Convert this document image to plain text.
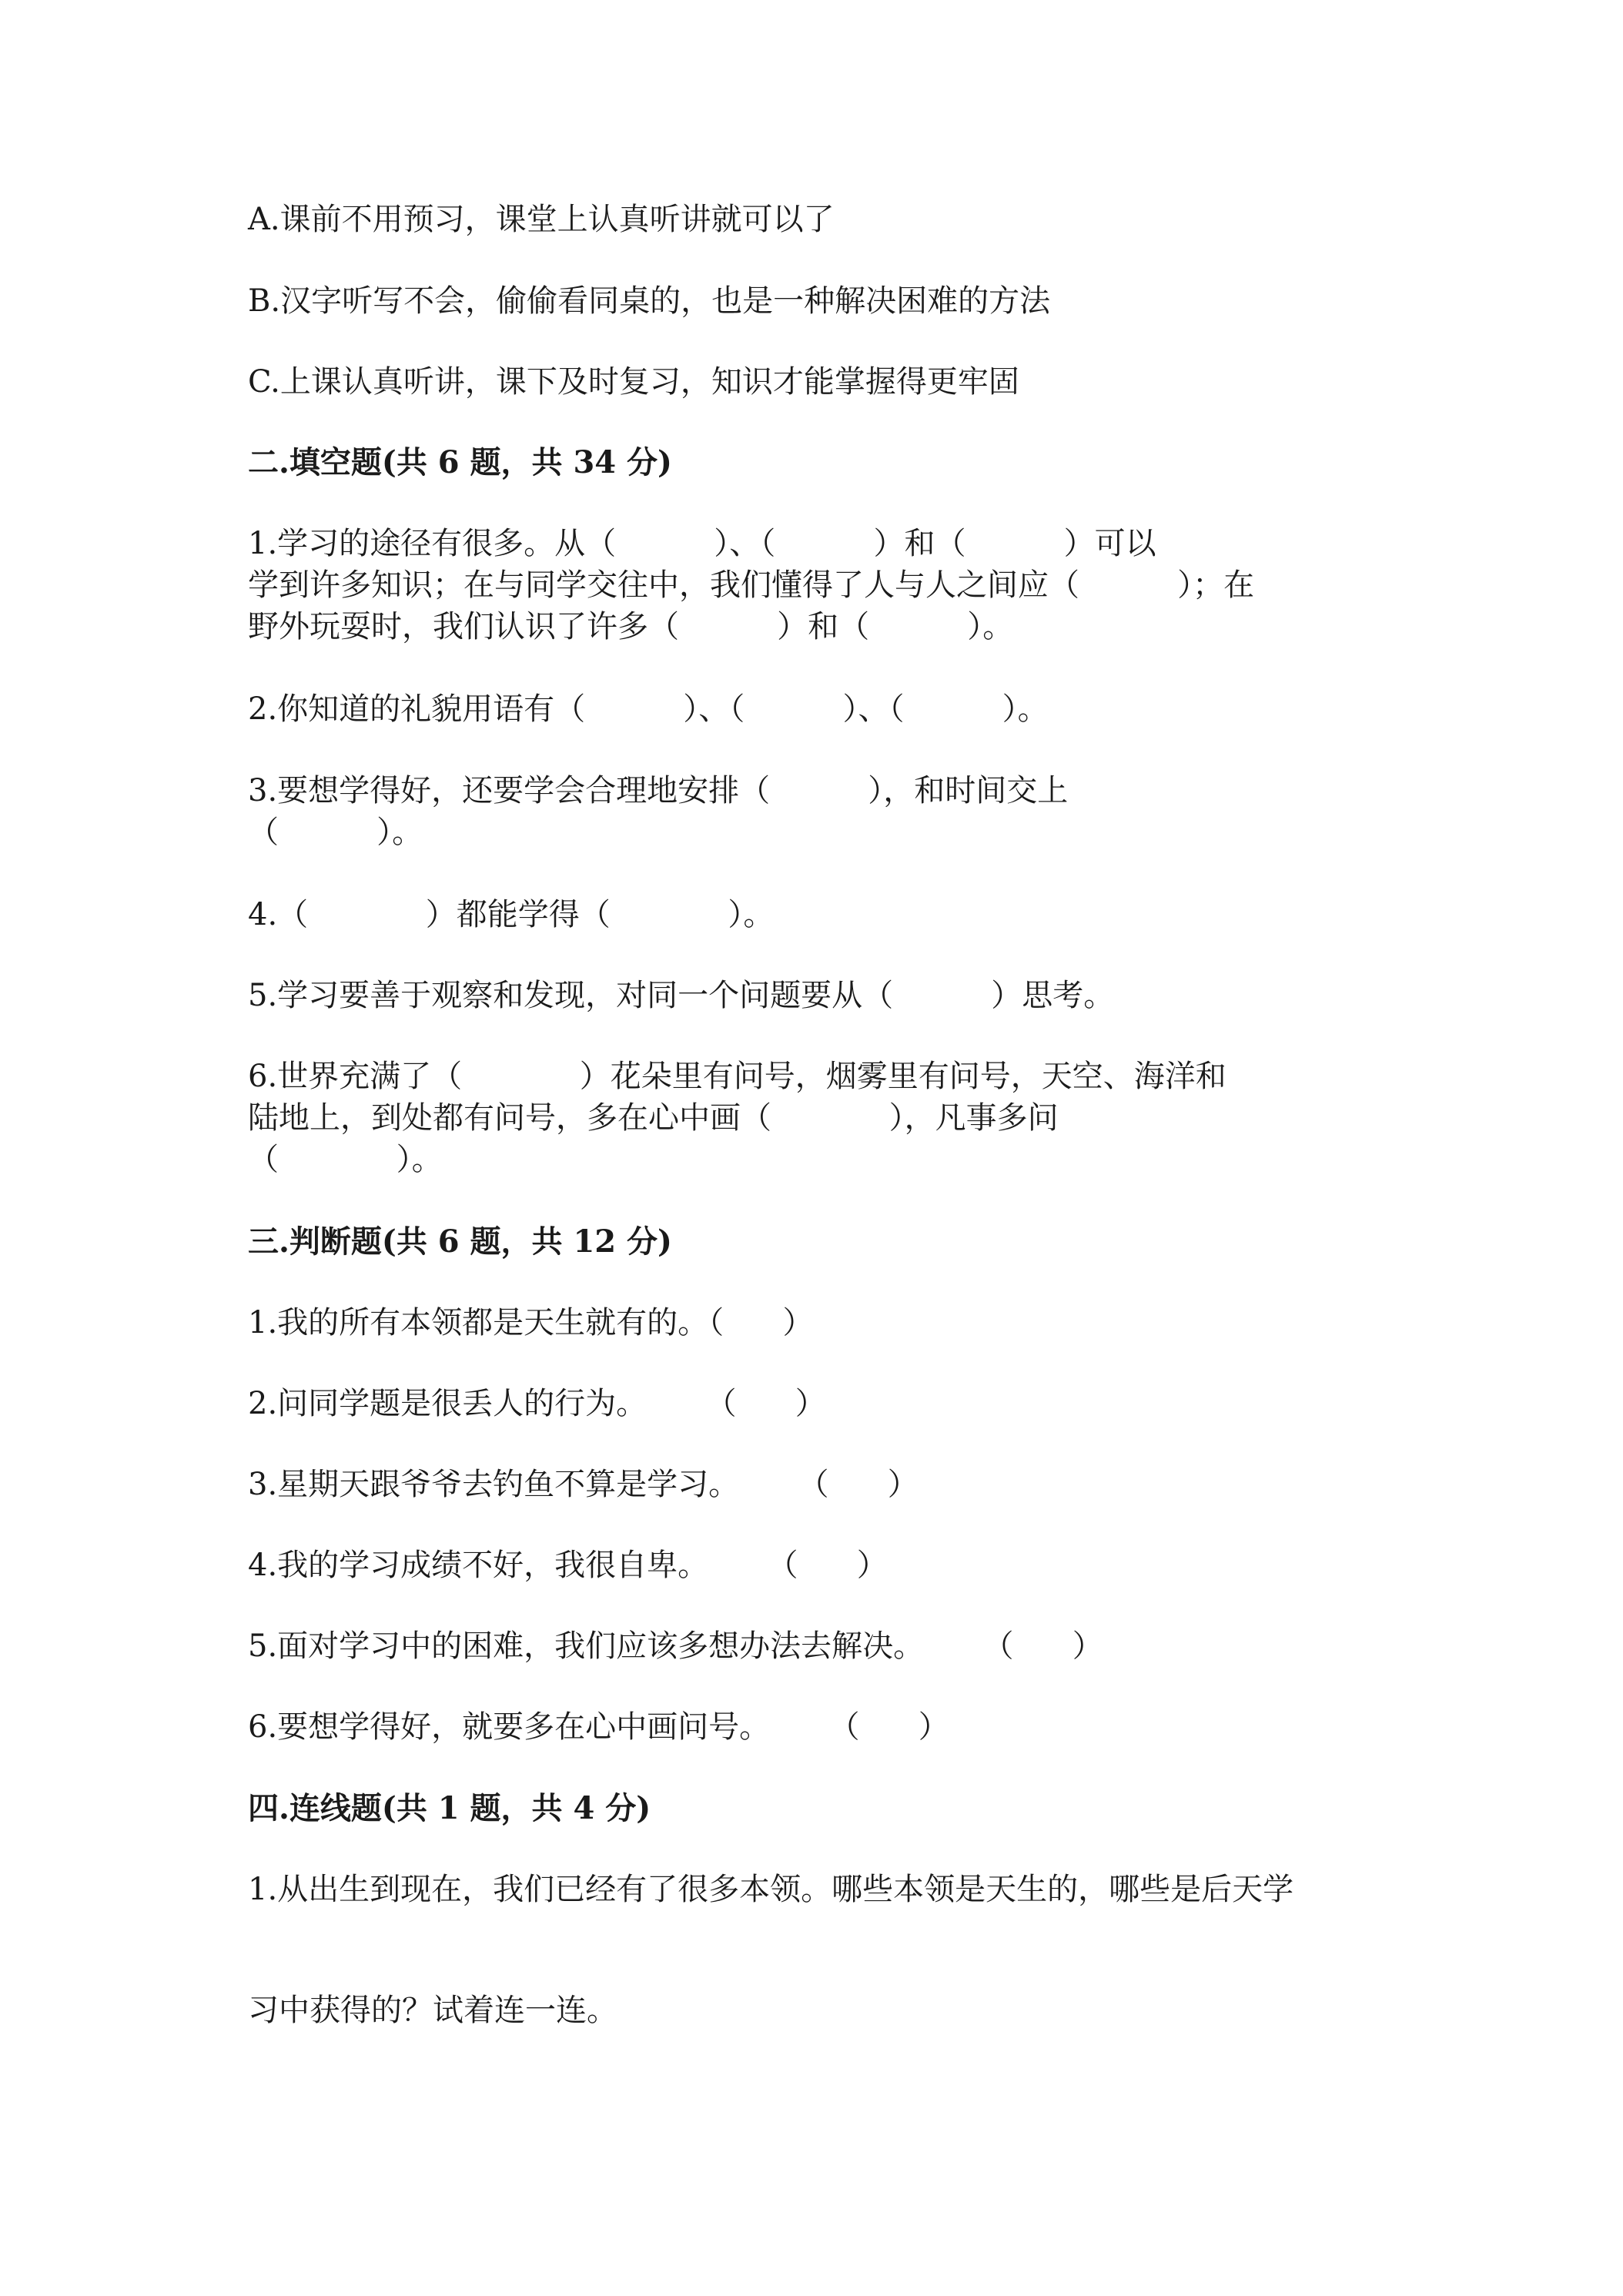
A.课前不用预习，课堂上认真听讲就可以了
B.汉字听写不会，偷偷看同桌的，也是一种解决困难的方法
C.上课认真听讲，课下及时复习，知识才能掌握得更牢固
二.填空题(共 6 题，共 34 分)
1.学习的途径有很多。从（          ）、（          ）和（          ）可以
学到许多知识；在与同学交往中，我们懂得了人与人之间应（          ）；在
野外玩耍时，我们认识了许多（          ）和（          ）。
2.你知道的礼貌用语有（          ）、（          ）、（          ）。
3.要想学得好，还要学会合理地安排（          ），和时间交上
（          ）。
4.（            ）都能学得（            ）。
5.学习要善于观察和发现，对同一个问题要从（          ）思考。
6.世界充满了（            ）花朵里有问号，烟雾里有问号，天空、海洋和
陆地上，到处都有问号，多在心中画（            ），凡事多问
（            ）。
三.判断题(共 6 题，共 12 分)
1.我的所有本领都是天生就有的。（      ）
2.问同学题是很丢人的行为。      （      ）
3.星期天跟爷爷去钓鱼不算是学习。      （      ）
4.我的学习成绩不好，我很自卑。      （      ）
5.面对学习中的困难，我们应该多想办法去解决。      （      ）
6.要想学得好，就要多在心中画问号。      （      ）
四.连线题(共 1 题，共 4 分)
1.从出生到现在，我们已经有了很多本领。哪些本领是天生的，哪些是后天学
习中获得的？试着连一连。
